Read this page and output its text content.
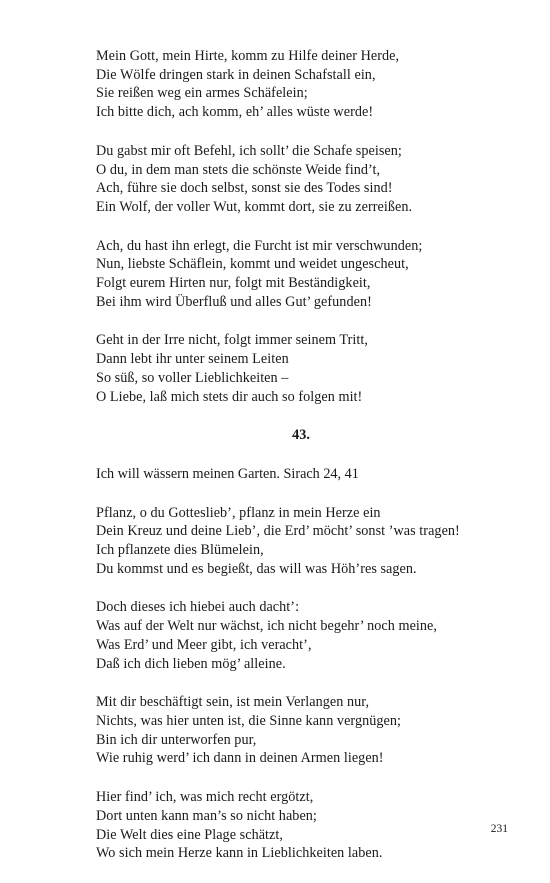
Mein Gott, mein Hirte, komm zu Hilfe deiner Herde,
Die Wölfe dringen stark in deinen Schafstall ein,
Sie reißen weg ein armes Schäfelein;
Ich bitte dich, ach komm, eh’ alles wüste werde!
Du gabst mir oft Befehl, ich sollt’ die Schafe speisen;
O du, in dem man stets die schönste Weide find’t,
Ach, führe sie doch selbst, sonst sie des Todes sind!
Ein Wolf, der voller Wut, kommt dort, sie zu zerreißen.
Ach, du hast ihn erlegt, die Furcht ist mir verschwunden;
Nun, liebste Schäflein, kommt und weidet ungescheut,
Folgt eurem Hirten nur, folgt mit Beständigkeit,
Bei ihm wird Überfluß und alles Gut’ gefunden!
Geht in der Irre nicht, folgt immer seinem Tritt,
Dann lebt ihr unter seinem Leiten
So süß, so voller Lieblichkeiten –
O Liebe, laß mich stets dir auch so folgen mit!
43.
Ich will wässern meinen Garten. Sirach 24, 41
Pflanz, o du Gotteslieb’, pflanz in mein Herze ein
Dein Kreuz und deine Lieb’, die Erd’ möcht’ sonst ’was tragen!
Ich pflanzete dies Blümelein,
Du kommst und es begießt, das will was Höh’res sagen.
Doch dieses ich hiebei auch dacht’:
Was auf der Welt nur wächst, ich nicht begehr’ noch meine,
Was Erd’ und Meer gibt, ich veracht’,
Daß ich dich lieben mög’ alleine.
Mit dir beschäftigt sein, ist mein Verlangen nur,
Nichts, was hier unten ist, die Sinne kann vergnügen;
Bin ich dir unterworfen pur,
Wie ruhig werd’ ich dann in deinen Armen liegen!
Hier find’ ich, was mich recht ergötzt,
Dort unten kann man’s so nicht haben;
Die Welt dies eine Plage schätzt,
Wo sich mein Herze kann in Lieblichkeiten laben.
231
